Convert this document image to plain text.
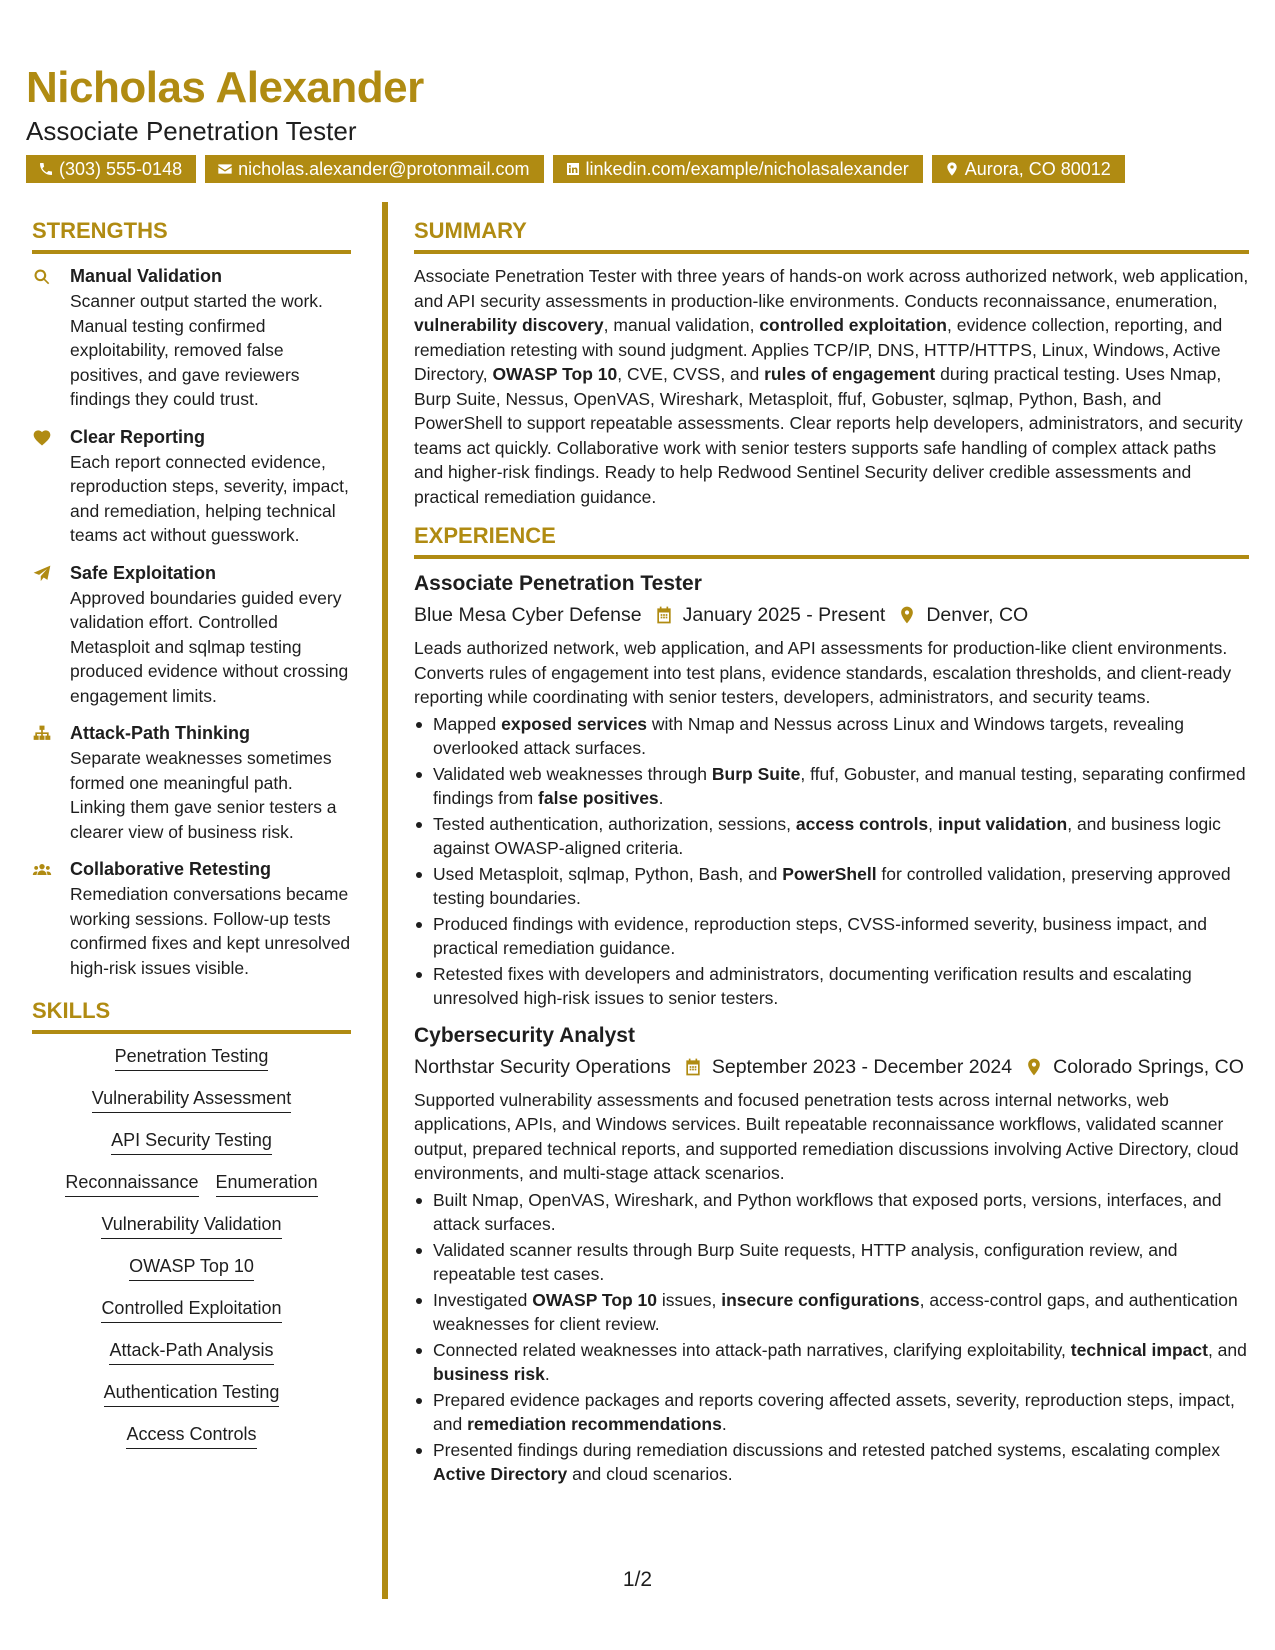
Nicholas Alexander
Associate Penetration Tester
(303) 555-0148	nicholas.alexander@protonmail.com	linkedin.com/example/nicholasalexander	Aurora, CO 80012
STRENGTHS
Manual Validation
Scanner output started the work. Manual testing confirmed exploitability, removed false positives, and gave reviewers findings they could trust.
Clear Reporting
Each report connected evidence, reproduction steps, severity, impact, and remediation, helping technical teams act without guesswork.
Safe Exploitation
Approved boundaries guided every validation effort. Controlled Metasploit and sqlmap testing produced evidence without crossing engagement limits.
Attack-Path Thinking
Separate weaknesses sometimes formed one meaningful path. Linking them gave senior testers a clearer view of business risk.
Collaborative Retesting
Remediation conversations became working sessions. Follow-up tests confirmed fixes and kept unresolved high-risk issues visible.
SKILLS
Penetration Testing
Vulnerability Assessment
API Security Testing
Reconnaissance Enumeration
Vulnerability Validation
OWASP Top 10
Controlled Exploitation
Attack-Path Analysis
Authentication Testing
Access Controls
SUMMARY
Associate Penetration Tester with three years of hands-on work across authorized network, web application, and API security assessments in production-like environments. Conducts reconnaissance, enumeration, vulnerability discovery, manual validation, controlled exploitation, evidence collection, reporting, and remediation retesting with sound judgment. Applies TCP/IP, DNS, HTTP/HTTPS, Linux, Windows, Active Directory, OWASP Top 10, CVE, CVSS, and rules of engagement during practical testing. Uses Nmap, Burp Suite, Nessus, OpenVAS, Wireshark, Metasploit, ffuf, Gobuster, sqlmap, Python, Bash, and PowerShell to support repeatable assessments. Clear reports help developers, administrators, and security teams act quickly. Collaborative work with senior testers supports safe handling of complex attack paths and higher-risk findings. Ready to help Redwood Sentinel Security deliver credible assessments and practical remediation guidance.
EXPERIENCE
Associate Penetration Tester
Blue Mesa Cyber Defense January 2025 - Present Denver, CO
Leads authorized network, web application, and API assessments for production-like client environments. Converts rules of engagement into test plans, evidence standards, escalation thresholds, and client-ready reporting while coordinating with senior testers, developers, administrators, and security teams.
Mapped exposed services with Nmap and Nessus across Linux and Windows targets, revealing overlooked attack surfaces.
Validated web weaknesses through Burp Suite, ffuf, Gobuster, and manual testing, separating confirmed findings from false positives.
Tested authentication, authorization, sessions, access controls, input validation, and business logic against OWASP-aligned criteria.
Used Metasploit, sqlmap, Python, Bash, and PowerShell for controlled validation, preserving approved testing boundaries.
Produced findings with evidence, reproduction steps, CVSS-informed severity, business impact, and practical remediation guidance.
Retested fixes with developers and administrators, documenting verification results and escalating unresolved high-risk issues to senior testers.
Cybersecurity Analyst
Northstar Security Operations September 2023 - December 2024 Colorado Springs, CO
Supported vulnerability assessments and focused penetration tests across internal networks, web applications, APIs, and Windows services. Built repeatable reconnaissance workflows, validated scanner output, prepared technical reports, and supported remediation discussions involving Active Directory, cloud environments, and multi-stage attack scenarios.
Built Nmap, OpenVAS, Wireshark, and Python workflows that exposed ports, versions, interfaces, and attack surfaces.
Validated scanner results through Burp Suite requests, HTTP analysis, configuration review, and repeatable test cases.
Investigated OWASP Top 10 issues, insecure configurations, access-control gaps, and authentication weaknesses for client review.
Connected related weaknesses into attack-path narratives, clarifying exploitability, technical impact, and business risk.
Prepared evidence packages and reports covering affected assets, severity, reproduction steps, impact, and remediation recommendations.
Presented findings during remediation discussions and retested patched systems, escalating complex Active Directory and cloud scenarios.
1/2
